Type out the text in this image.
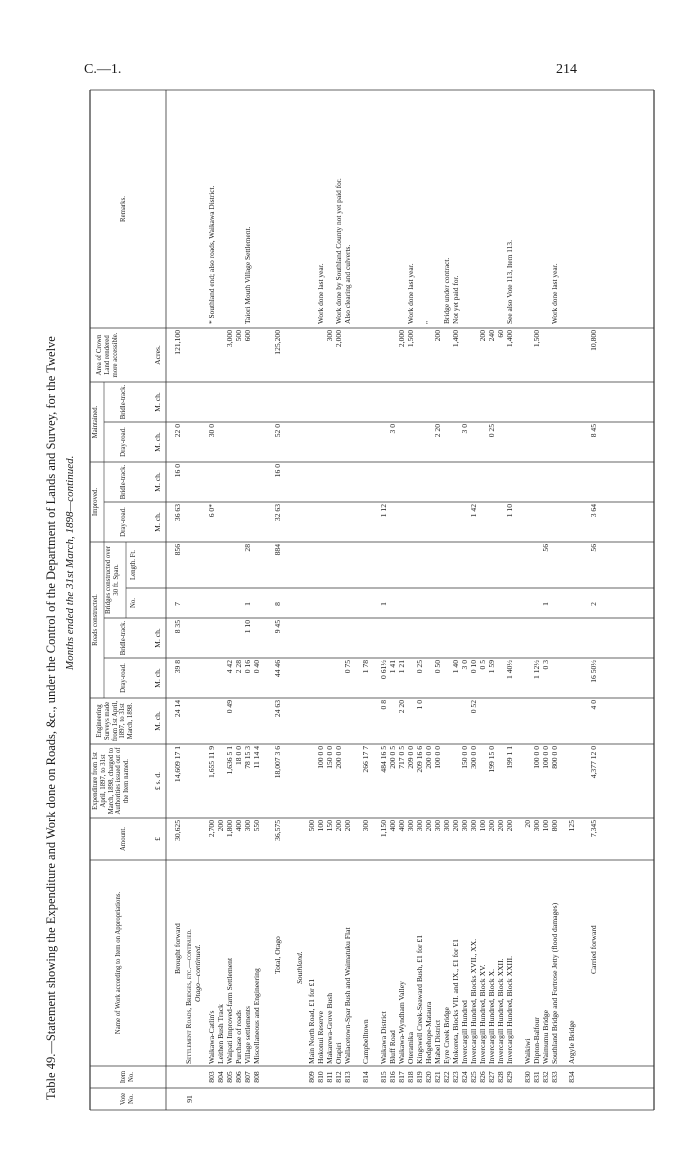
C.—1.	214
Table 49.—Statement showing the Expenditure and Work done on Roads, &c., under the Control of the Department of Lands and Survey, for the Twelve Months ended the 31st March, 1898—continued.
Vote No.
Item No.
Name of Work according to Item on Appropriations.
Amount.
Expenditure from 1st April, 1897, to 31st March, 1898, charged to Authorities issued out of the Item named.
Engineering Surveys made from 1st April, 1897, to 31st March, 1898.
Roads constructed.
Dray-road.
Bridle-track.
Bridges constructed over 30 ft. Span.
No.
Length. Ft.
Improved.
Dray-road.
Bridle-track.
Maintained.
Dray-road.
Bridle-track.
Area of Crown Land rendered more accessible.
Remarks.
£
£ s. d.
M. ch.
M. ch.
M. ch.
M. ch.
M. ch.
M. ch.
M. ch.
Acres.
91
Brought forward
30,625
14,609 17 1
24 14
39 8
8 35
7
856
36 63
16 0
22 0
121,100
Settlement Roads, Bridges, etc.—continued. Otago—continued.
803
Waikawa-Catlin's
2,700
1,655 11 9
6 0*
30 0
* Southland end; also roads, Waikawa District.
804
Leithen Bush Track
200
805
Waipati Improved-farm Settlement
1,800
1,636 5 1
0 49
4 42
3,000
806
Purchase of roads
400
18 0 0
2 28
500
807
Village settlements
300
78 15 3
0 16
1 10
1
28
600
Taiori Mouth Village Settlement.
808
Miscellaneous and Engineering
550
11 14 4
0 40
Total, Otago
36,575
18,007 3 6
24 63
44 46
9 45
8
884
32 63
16 0
52 0
125,200
Southland.
809
Main North Road, £1 for £1
500
810
Hokonui Reserve
100
100 0 0
Work done last year.
811
Makarewa-Grove Bush
150
150 0 0
300
812
Otapiri
200
200 0 0
2,000
Work done by Southland County not yet paid for.
813
Wallacetown-Spar Bush and Waimatuku Flat
200
0 75
Also clearing and culverts.
814
Campbelltown
300
266 17 7
1 78
815
Waikawa District
1,150
484 16 5
0 8
0 61½
1
1 12
816
Bluff Road
400
200 0 5
1 41
3 0
817
Waikawa-Wyndham Valley
400
717 0 5
2 20
1 21
2,000
818
Oteramika
300
209 0 0
1,500
Work done last year.
819
Kingswell Creek-Seaward Bush, £1 for £1
300
209 16 6
1 0
0 25
820
Hedgehope-Mataura
200
200 0 0
"
821
Mabel District
300
100 0 0
0 50
2 20
200
822
Eyre Creek Bridge
300
Bridge under contract.
823
Mokoreta, Blocks VII. and IX., £1 for £1
200
1 40
1,400
Not yet paid for.
824
Invercargill Hundred
300
150 0 0
3 0
3 0
825
Invercargill Hundred, Blocks XVII., XX.
300
300 0 0
0 52
0 10
1 42
826
Invercargill Hundred, Block XV.
100
0 5
200
827
Invercargill Hundred, Block X.
200
199 15 0
1 59
0 25
240
828
Invercargill Hundred, Block XXII.
200
60
829
Invercargill Hundred, Block XXIII.
200
199 1 1
1 40½
1 10
1,400
See also Vote 113, Item 113.
830
Waikiwi
20
831
Dipton-Balfour
300
100 0 0
1 12½
1,500
832
Waimumu Bridge
100
100 0 0
0 3
1
56
833
Southland Bridge and Fortrose Jetty (flood damages)
800
800 0 0
Work done last year.
834
Argyle Bridge
125
Carried forward
7,345
4,377 12 0
4 0
16 50½
2
56
3 64
8 45
10,800
